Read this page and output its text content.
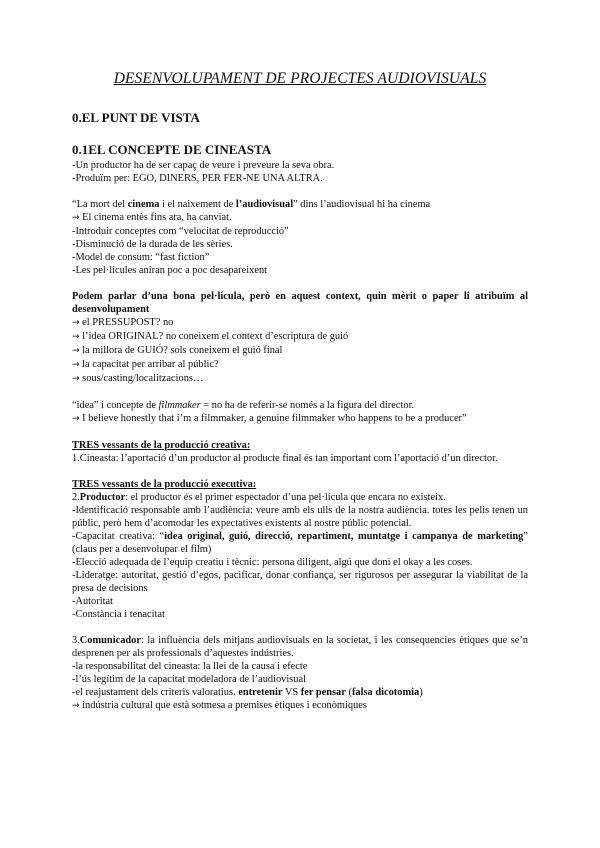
DESENVOLUPAMENT DE PROJECTES AUDIOVISUALS
0.EL PUNT DE VISTA
0.1EL CONCEPTE DE CINEASTA

-Un productor ha de ser capaç de veure i preveure la seva obra.

-Produïm per: EGO, DINERS, PER FER-NE UNA ALTRA.

“La mort del cinema i el naixement de l’audiovisual” dins l’audiovisual hi ha cinema

→ El cinema entès fins ara, ha canviat.

-Introduir conceptes com “velocitat de reproducció”

-Disminució de la durada de les sèries.

-Model de consum: “fast fiction”

-Les pel·lícules aniran poc a poc desapareixent

Podem parlar d’una bona pel·lícula, però en aquest context, quin mèrit o paper li atribuïm al desenvolupament

→ el PRESSUPOST? no

→ l’idea ORIGINAL? no coneixem el context d’escriptura de guió

→ la millora de GUIÓ? sols coneixem el guió final

→ la capacitat per arribar al públic?

→ sous/casting/localitzacions…

“idea” i concepte de filmmaker = no ha de referir-se només a la figura del director.

→ I believe honestly that i’m a filmmaker, a genuine filmmaker who happens to be a producer”

TRES vessants de la producció creativa:

1.Cineasta: l’aportació d’un productor al producte final és tan important com l’aportació d’un director.

TRES vessants de la producció executiva:

2.Productor: el productor és el primer espectador d’una pel·lícula que encara no existeix.

-Identificació responsable amb l’audiència: veure amb els ulls de la nostra audiència. totes les pelis tenen un públic, però hem d’acomodar les expectatives existents al nostre públic potencial.

-Capacitat creativa: “idea original, guió, direcció, repartiment, muntatge i campanya de marketing” (claus per a desenvolupar el film)

-Elecció adequada de l’equip creatiu i tècnic: persona diligent, algú que doni el okay a les coses.

-Lideratge: autoritat, gestió d’egos, pacificar, donar confiança, ser rigurosos per assegurar la viabilitat de la presa de decisions

-Autoritat

-Constància i tenacitat

3.Comunicador: la influència dels mitjans audiovisuals en la societat, i les consequencies ètiques que se’n desprenen per als professionals d’aquestes indústries.

-la responsabilitat del cineasta: la llei de la causa i efecte

-l’ús legítim de la capacitat modeladora de l’audiovisual

-el reajustament dels criteris valoratius. entretenir VS fer pensar (falsa dicotomia)

→ indústria cultural que està sotmesa a premises ètiques i econòmiques
